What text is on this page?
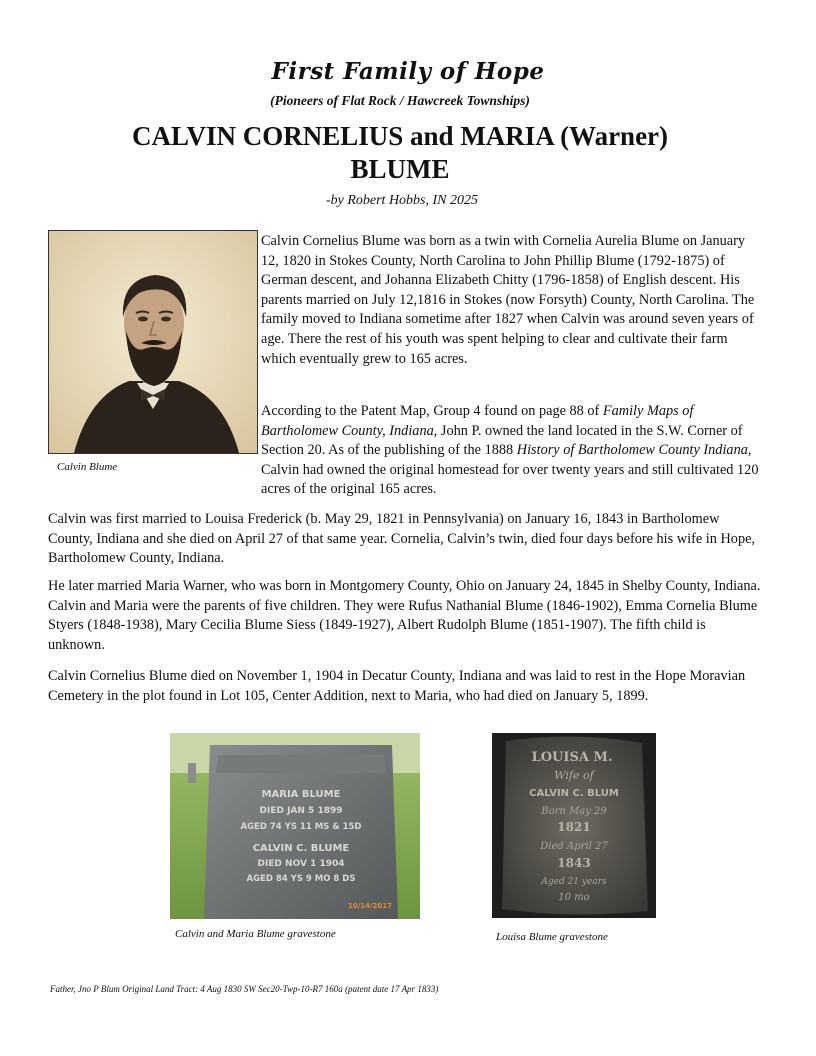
First Family of Hope
(Pioneers of Flat Rock / Hawcreek Townships)
CALVIN CORNELIUS and MARIA (Warner)
BLUME
-by Robert Hobbs, IN 2025
Calvin Blume

Calvin Cornelius Blume was born as a twin with Cornelia Aurelia Blume on January 12, 1820 in Stokes County, North Carolina to John Phillip Blume (1792-1875) of German descent, and Johanna Elizabeth Chitty (1796-1858) of English descent. His parents married on July 12,1816 in Stokes (now Forsyth) County, North Carolina. The family moved to Indiana sometime after 1827 when Calvin was around seven years of age. There the rest of his youth was spent helping to clear and cultivate their farm which eventually grew to 165 acres.

According to the Patent Map, Group 4 found on page 88 of Family Maps of Bartholomew County, Indiana, John P. owned the land located in the S.W. Corner of Section 20. As of the publishing of the 1888 History of Bartholomew County Indiana, Calvin had owned the original homestead for over twenty years and still cultivated 120 acres of the original 165 acres.

Calvin was first married to Louisa Frederick (b. May 29, 1821 in Pennsylvania) on January 16, 1843 in Bartholomew County, Indiana and she died on April 27 of that same year. Cornelia, Calvin’s twin, died four days before his wife in Hope, Bartholomew County, Indiana.

He later married Maria Warner, who was born in Montgomery County, Ohio on January 24, 1845 in Shelby County, Indiana. Calvin and Maria were the parents of five children. They were Rufus Nathanial Blume (1846-1902), Emma Cornelia Blume Styers (1848-1938), Mary Cecilia Blume Siess (1849-1927), Albert Rudolph Blume (1851-1907). The fifth child is unknown.

Calvin Cornelius Blume died on November 1, 1904 in Decatur County, Indiana and was laid to rest in the Hope Moravian Cemetery in the plot found in Lot 105, Center Addition, next to Maria, who had died on January 5, 1899.

MARIA BLUME
DIED JAN 5 1899
AGED 74 YS 11 MS & 15D
CALVIN C. BLUME
DIED NOV 1 1904
AGED 84 YS 9 MO 8 DS
10/14/2017
Calvin and Maria Blume gravestone
LOUISA M.
Wife of
CALVIN C. BLUM
Born May 29
1821
Died April 27
1843
Aged 21 years
10 mo
Louisa Blume gravestone
Father, Jno P Blum Original Land Tract: 4 Aug 1830 SW Sec20-Twp-10-R7 160a (patent date 17 Apr 1833)
